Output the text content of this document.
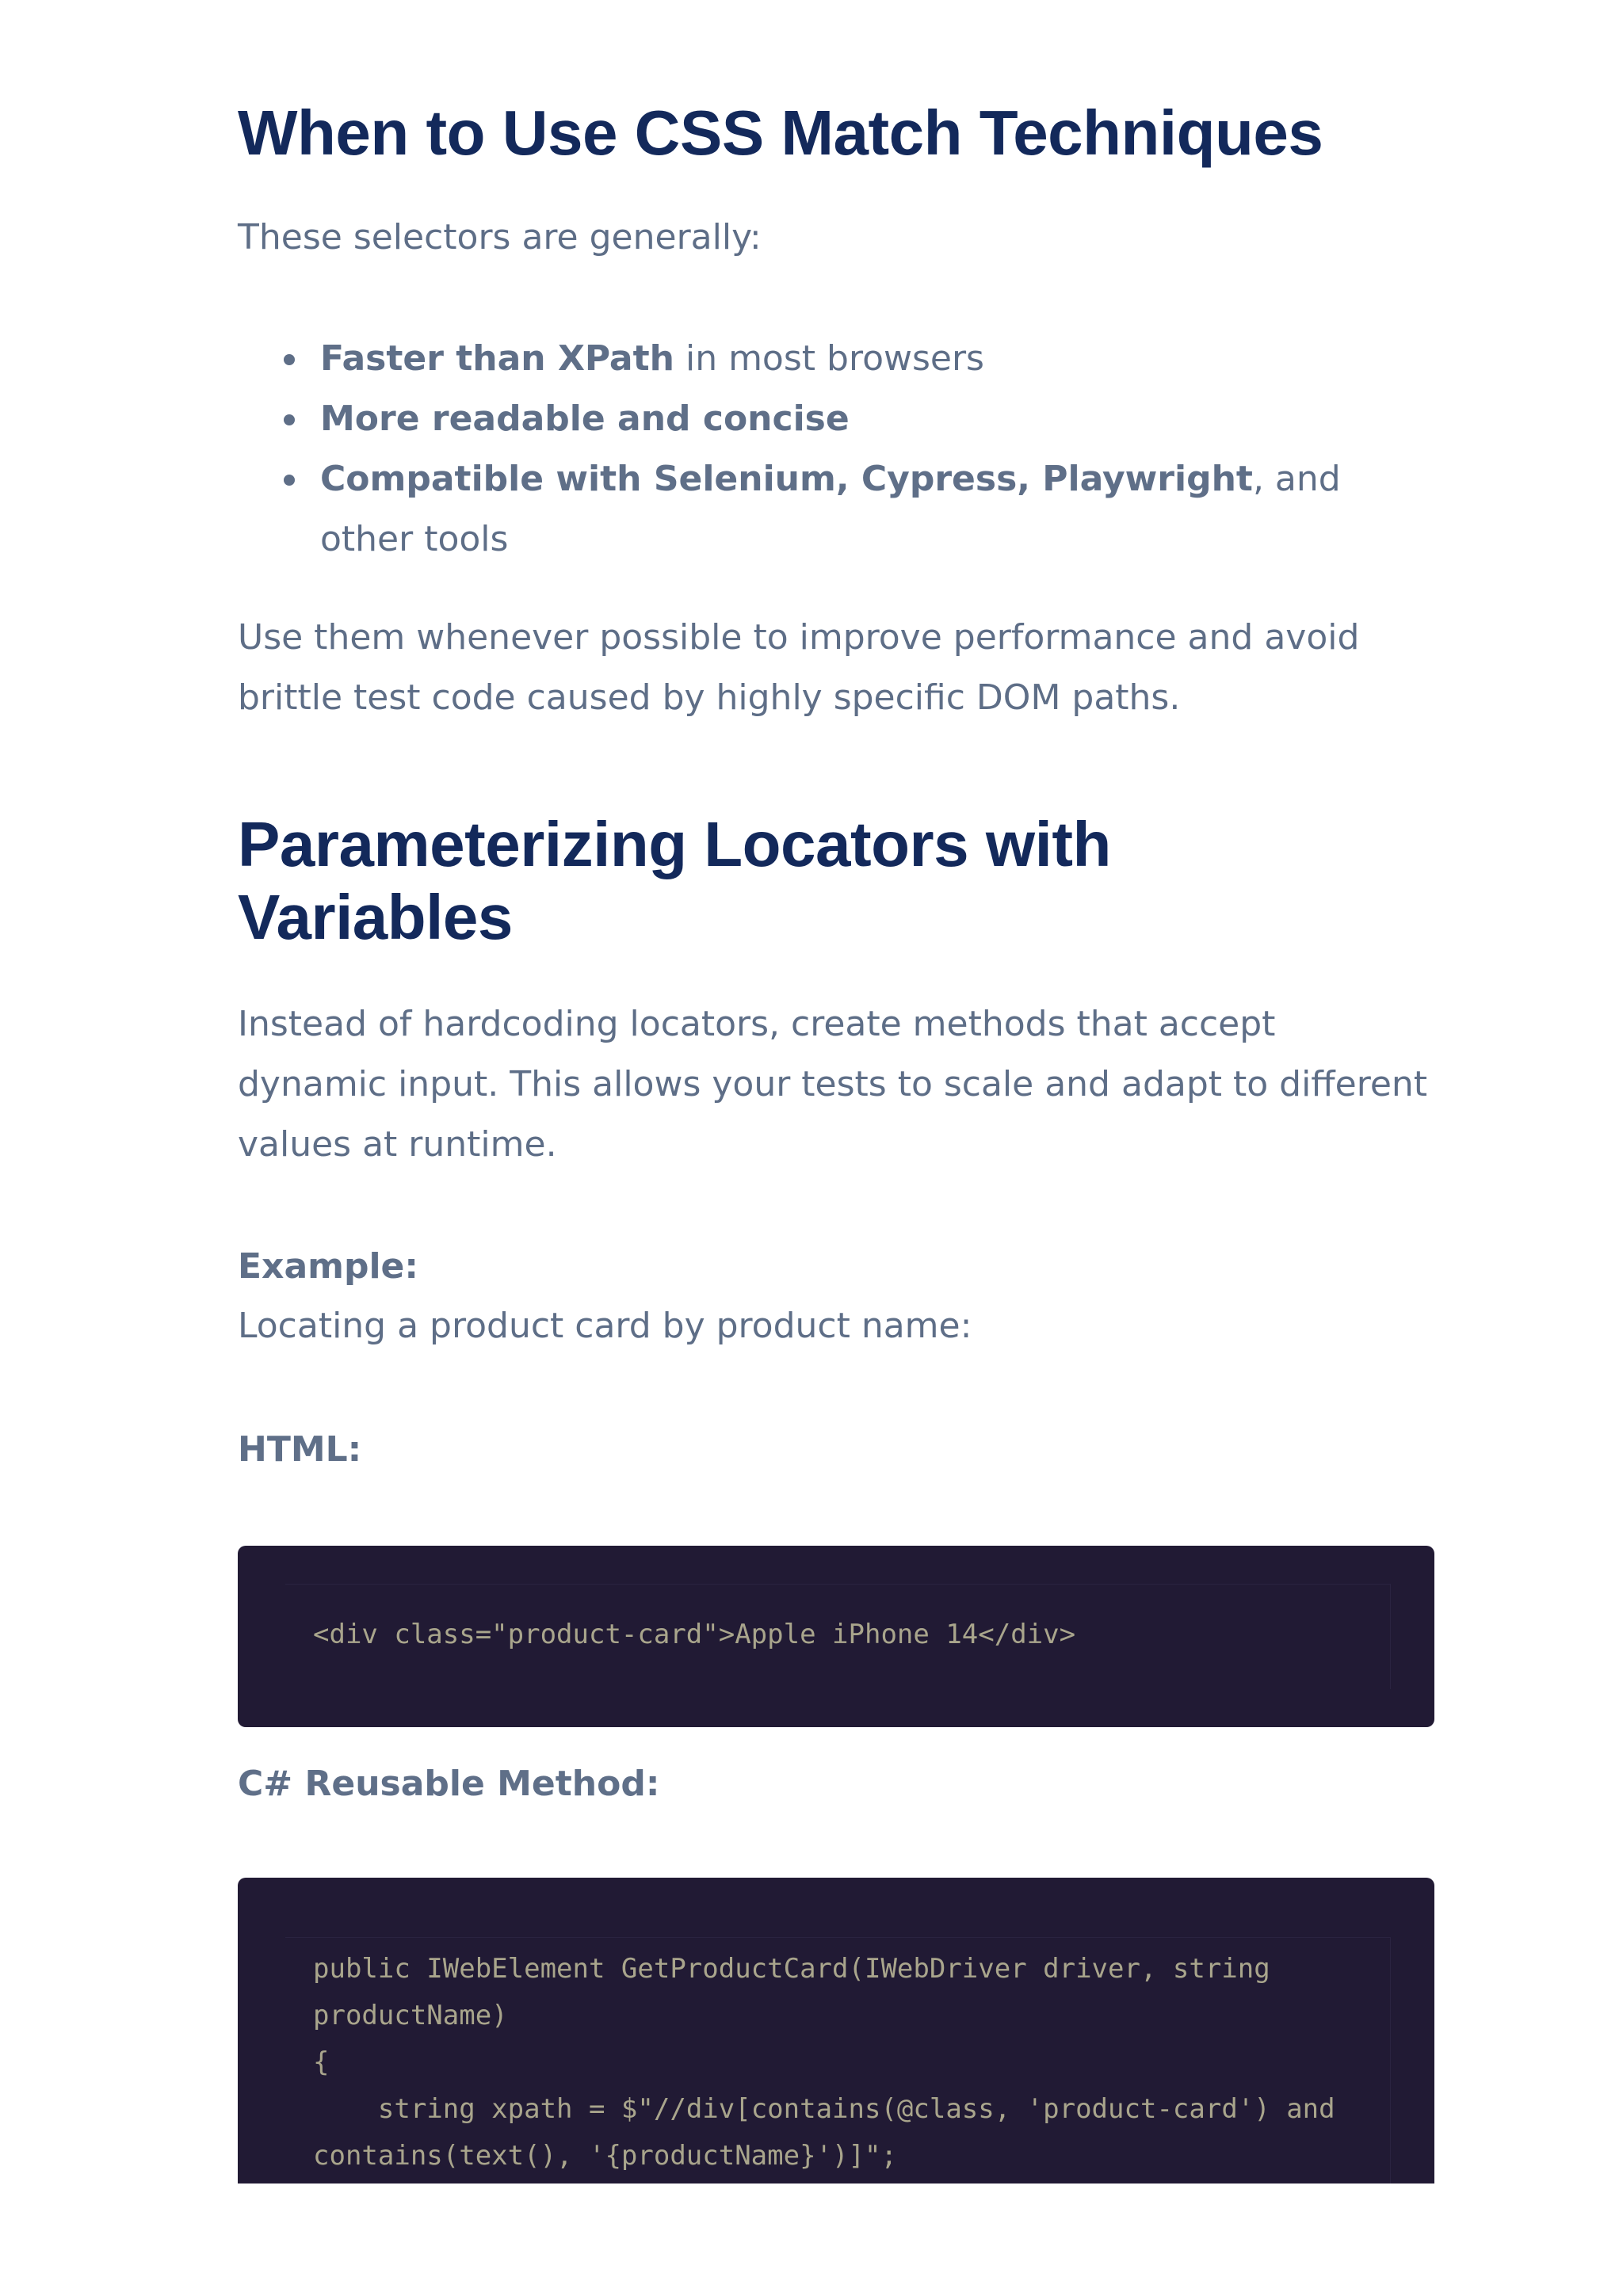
When to Use CSS Match Techniques

These selectors are generally:

Faster than XPath in most browsers
More readable and concise
Compatible with Selenium, Cypress, Playwright, and other tools

Use them whenever possible to improve performance and avoid brittle test code caused by highly specific DOM paths.

Parameterizing Locators with Variables

Instead of hardcoding locators, create methods that accept dynamic input. This allows your tests to scale and adapt to different values at runtime.

Example:

Locating a product card by product name:

HTML:
<div class="product-card">Apple iPhone 14</div>
C# Reusable Method:
public IWebElement GetProductCard(IWebDriver driver, string
productName)
{
string xpath = $"//div[contains(@class, 'product-card') and
contains(text(), '{productName}')]";
